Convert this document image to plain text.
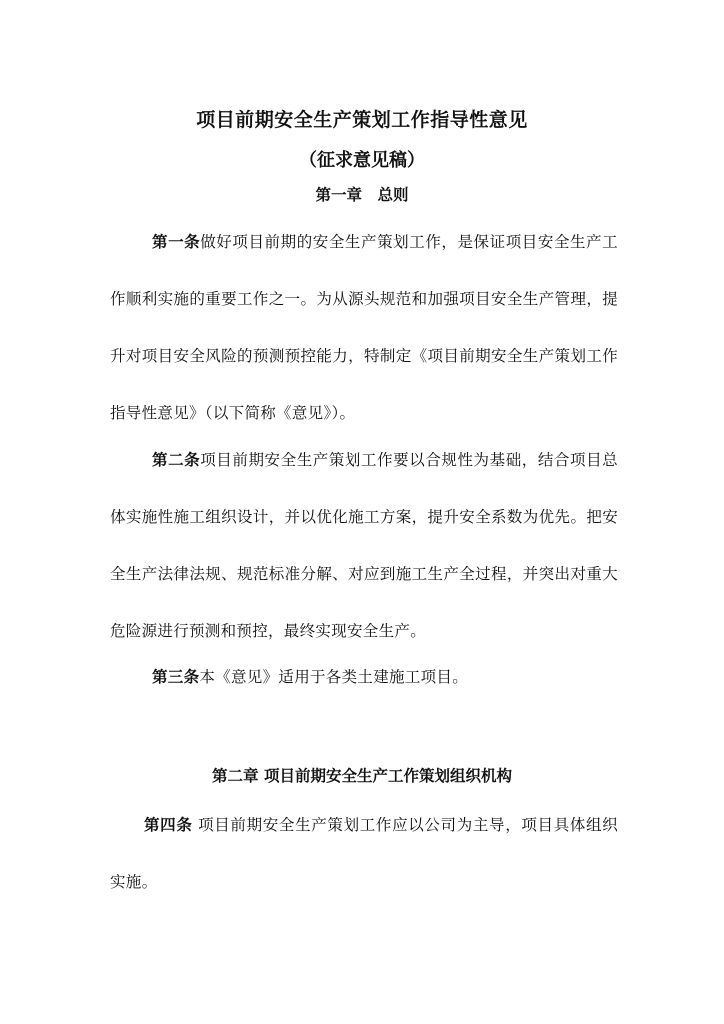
项目前期安全生产策划工作指导性意见
（征求意见稿）
第一章　总则

第一条做好项目前期的安全生产策划工作，是保证项目安全生产工作顺利实施的重要工作之一。为从源头规范和加强项目安全生产管理，提升对项目安全风险的预测预控能力，特制定《项目前期安全生产策划工作指导性意见》（以下简称《意见》）。

第二条项目前期安全生产策划工作要以合规性为基础，结合项目总体实施性施工组织设计，并以优化施工方案，提升安全系数为优先。把安全生产法律法规、规范标准分解、对应到施工生产全过程，并突出对重大危险源进行预测和预控，最终实现安全生产。

第三条本《意见》适用于各类土建施工项目。

第二章 项目前期安全生产工作策划组织机构

第四条 项目前期安全生产策划工作应以公司为主导，项目具体组织实施。
